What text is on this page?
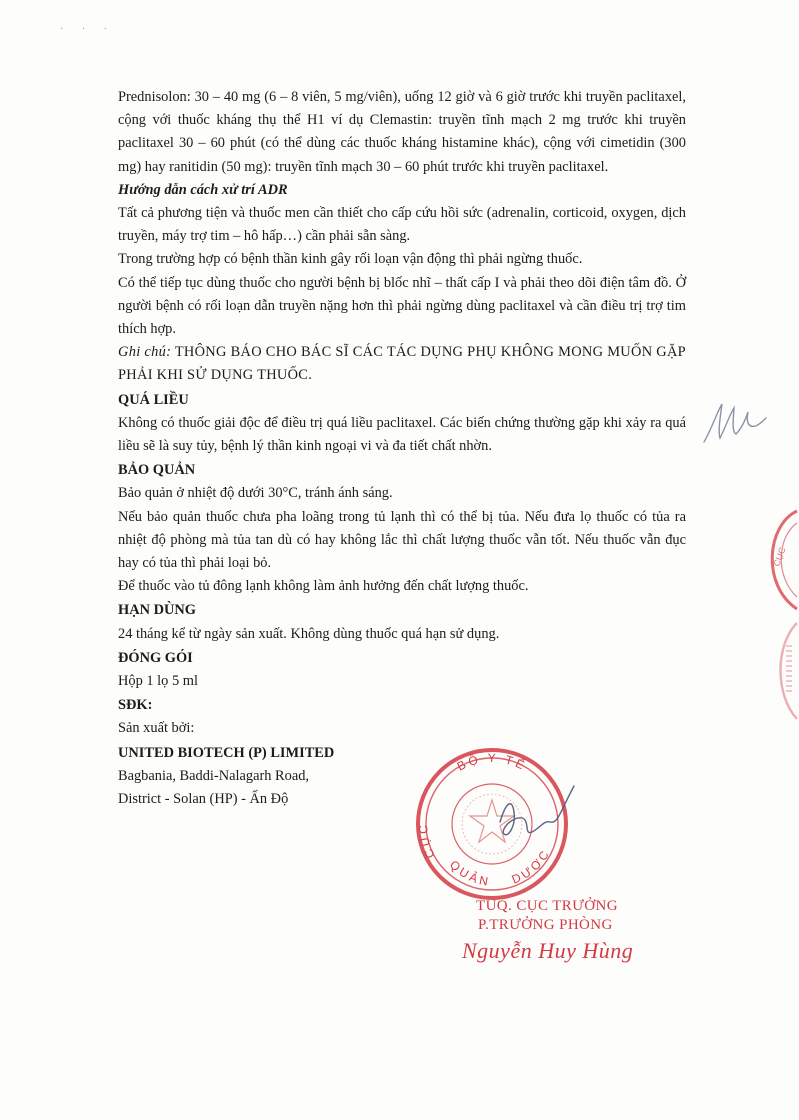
· · ·

Prednisolon: 30 – 40 mg (6 – 8 viên, 5 mg/viên), uống 12 giờ và 6 giờ trước khi truyền paclitaxel, cộng với thuốc kháng thụ thể H1 ví dụ Clemastin: truyền tĩnh mạch 2 mg trước khi truyền paclitaxel 30 – 60 phút (có thể dùng các thuốc kháng histamine khác), cộng với cimetidin (300 mg) hay ranitidin (50 mg): truyền tĩnh mạch 30 – 60 phút trước khi truyền paclitaxel.

Hướng dẫn cách xử trí ADR

Tất cả phương tiện và thuốc men cần thiết cho cấp cứu hồi sức (adrenalin, corticoid, oxygen, dịch truyền, máy trợ tim – hô hấp…) cần phải sẵn sàng.

Trong trường hợp có bệnh thần kinh gây rối loạn vận động thì phải ngừng thuốc.

Có thể tiếp tục dùng thuốc cho người bệnh bị blốc nhĩ – thất cấp I và phải theo dõi điện tâm đồ. Ở người bệnh có rối loạn dẫn truyền nặng hơn thì phải ngừng dùng paclitaxel và cần điều trị trợ tim thích hợp.

Ghi chú: THÔNG BÁO CHO BÁC SĨ CÁC TÁC DỤNG PHỤ KHÔNG MONG MUỐN GẶP PHẢI KHI SỬ DỤNG THUỐC.

QUÁ LIỀU

Không có thuốc giải độc để điều trị quá liều paclitaxel. Các biến chứng thường gặp khi xảy ra quá liều sẽ là suy tủy, bệnh lý thần kinh ngoại vi và đa tiết chất nhờn.

BẢO QUẢN

Bảo quản ở nhiệt độ dưới 30°C, tránh ánh sáng.

Nếu bảo quản thuốc chưa pha loãng trong tủ lạnh thì có thể bị tủa. Nếu đưa lọ thuốc có tủa ra nhiệt độ phòng mà tủa tan dù có hay không lắc thì chất lượng thuốc vẫn tốt. Nếu thuốc vẫn đục hay có tủa thì phải loại bỏ.

Để thuốc vào tủ đông lạnh không làm ảnh hưởng đến chất lượng thuốc.

HẠN DÙNG

24 tháng kể từ ngày sản xuất. Không dùng thuốc quá hạn sử dụng.

ĐÓNG GÓI

Hộp 1 lọ 5 ml

SĐK:

Sản xuất bởi:

UNITED BIOTECH (P) LIMITED

Bagbania, Baddi-Nalagarh Road,

District - Solan (HP) - Ấn Độ

CỤC
BỘ Y TẾ
CỤC
QUẢN DƯỢC
TUQ. CỤC TRƯỞNG
P.TRƯỞNG PHÒNG
Nguyễn Huy Hùng
